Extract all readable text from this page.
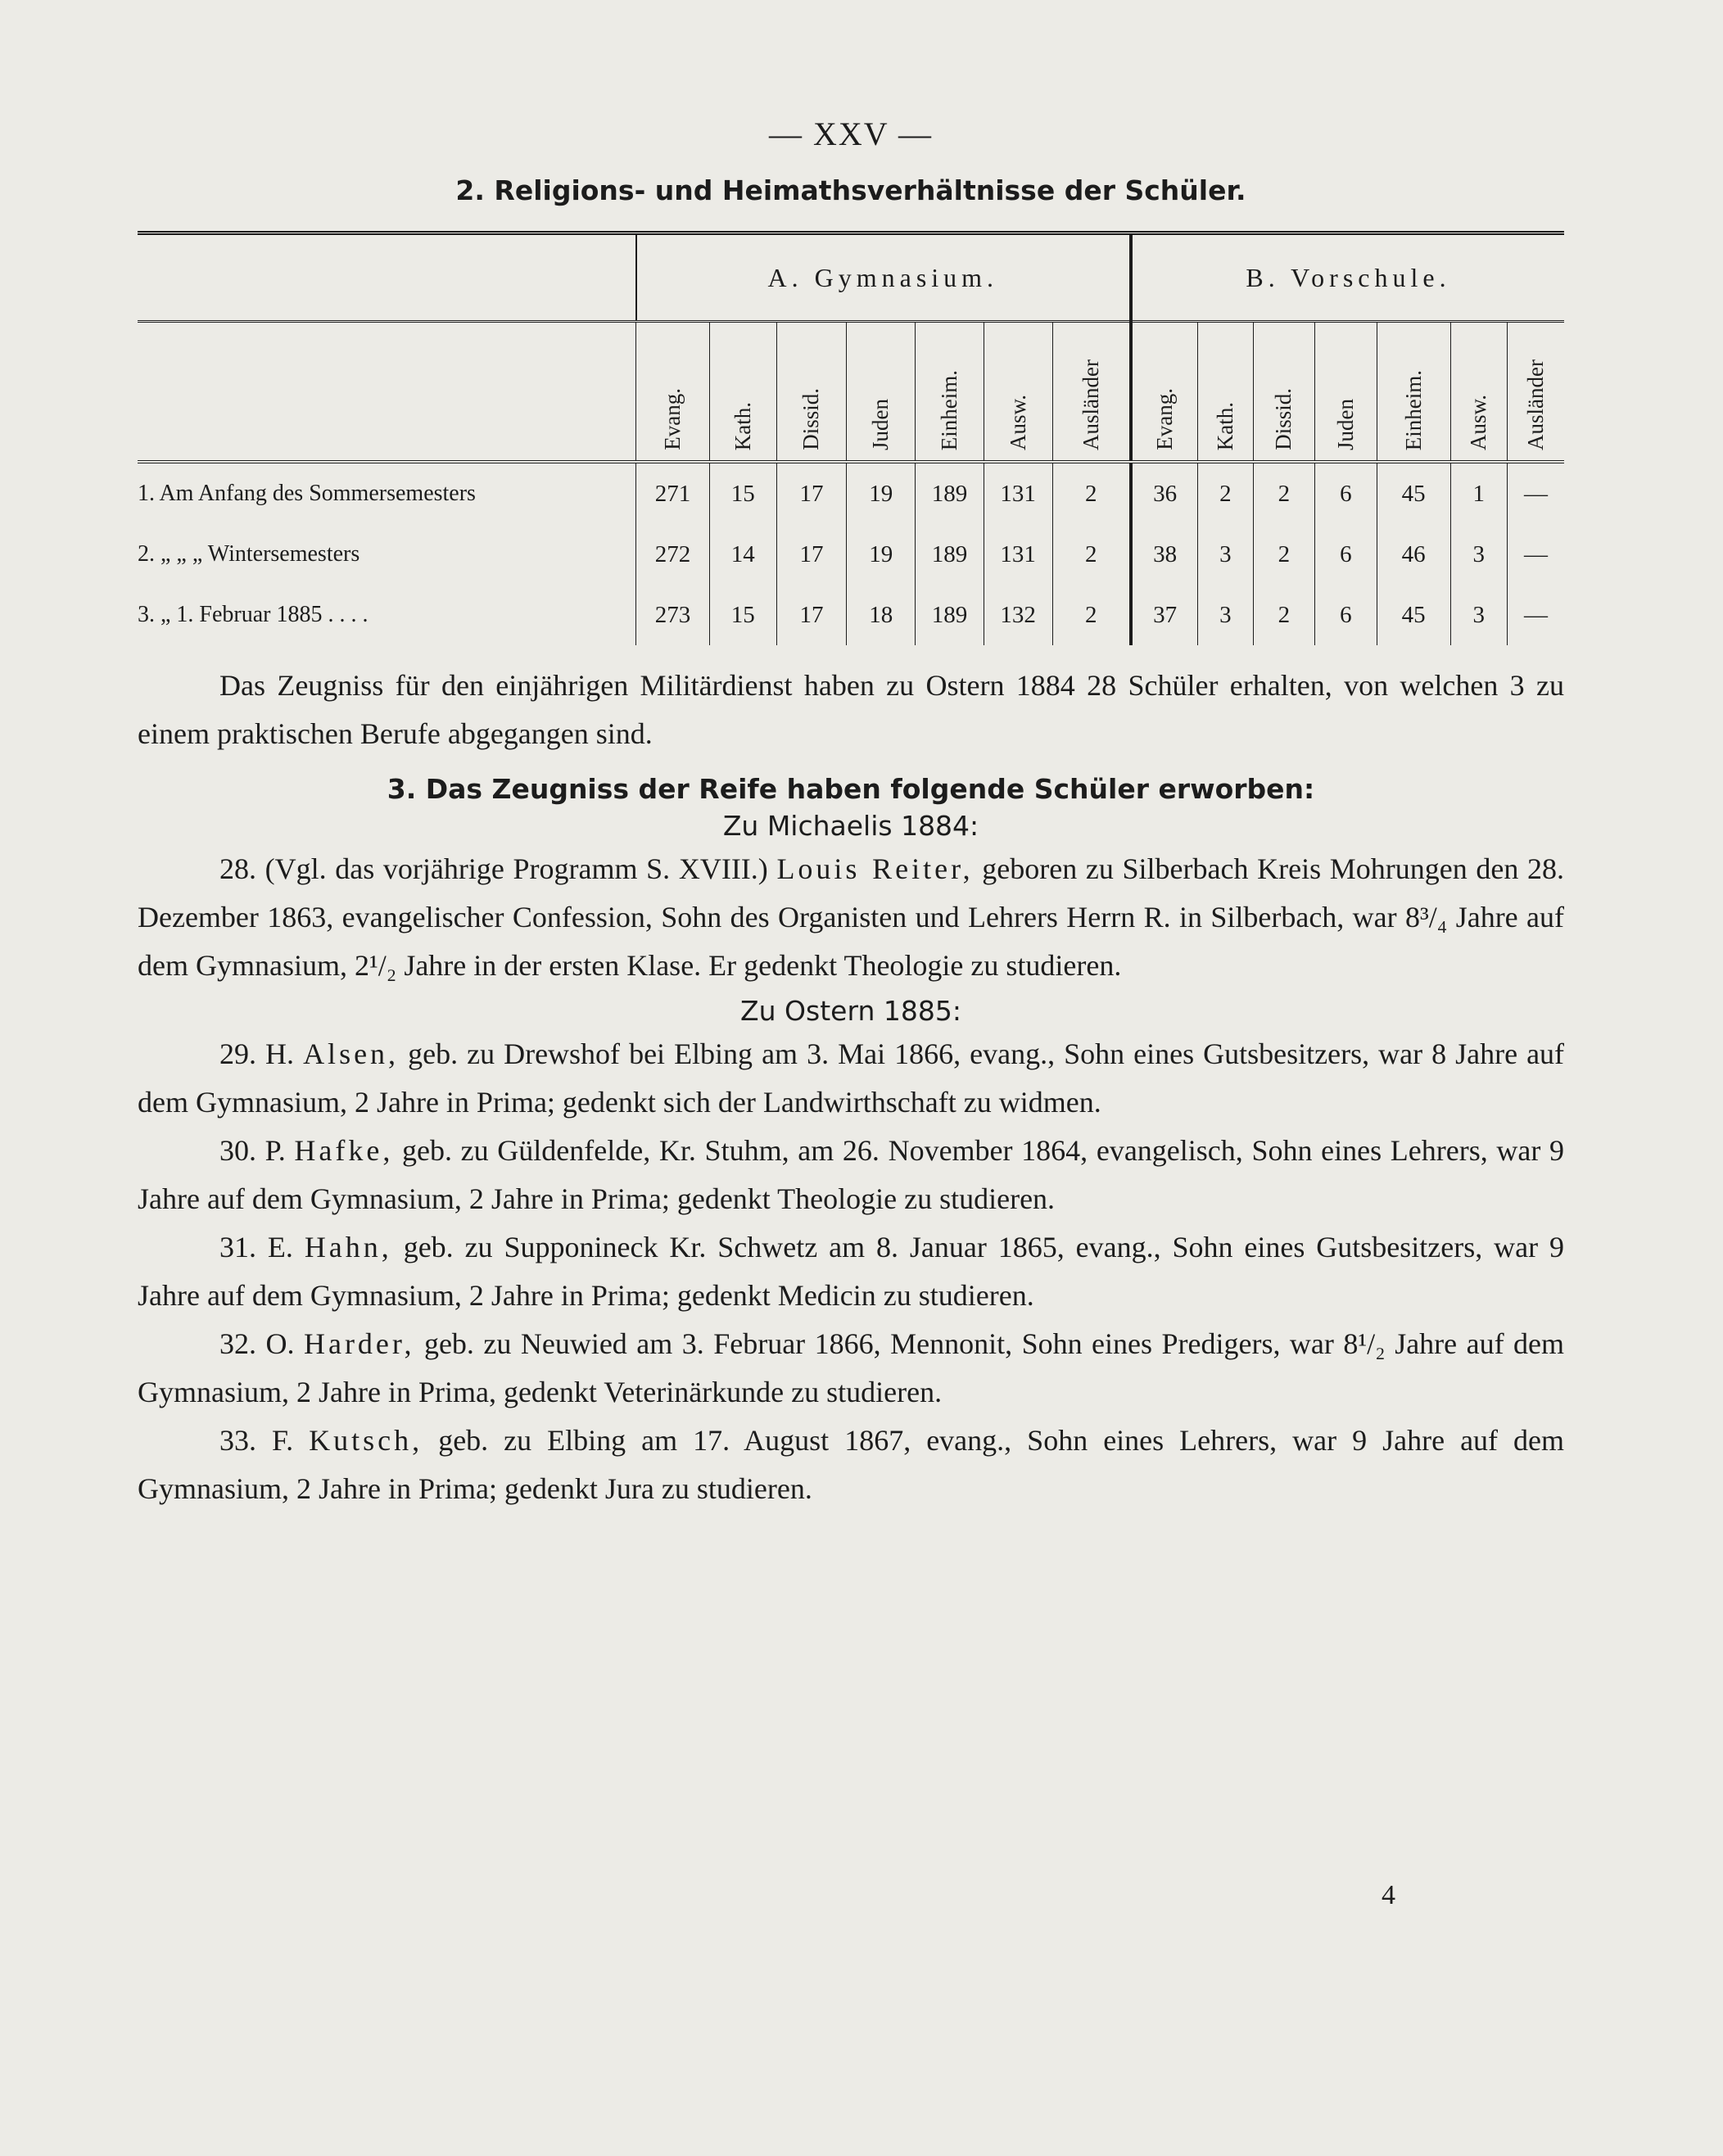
— XXV —
2. Religions- und Heimathsverhältnisse der Schüler.
	A. Gymnasium.							B. Vorschule.						

	Evang.	Kath.	Dissid.	Juden	Einheim.	Ausw.	Ausländer	Evang.	Kath.	Dissid.	Juden	Einheim.	Ausw.	Ausländer

1. Am Anfang des Sommersemesters	271	15	17	19	189	131	2	36	2	2	6	45	1	—
2. „ „ „ Wintersemesters	272	14	17	19	189	131	2	38	3	2	6	46	3	—
3. „ 1. Februar 1885 . . . .	273	15	17	18	189	132	2	37	3	2	6	45	3	—

Das Zeugniss für den einjährigen Militärdienst haben zu Ostern 1884 28 Schüler erhalten, von welchen 3 zu einem praktischen Berufe abgegangen sind.

3. Das Zeugniss der Reife haben folgende Schüler erworben:
Zu Michaelis 1884:

28. (Vgl. das vorjährige Programm S. XVIII.) Louis Reiter, geboren zu Silberbach Kreis Mohrungen den 28. Dezember 1863, evangelischer Confession, Sohn des Organisten und Lehrers Herrn R. in Silberbach, war 8³/₄ Jahre auf dem Gymnasium, 2¹/₂ Jahre in der ersten Klase. Er gedenkt Theologie zu studieren.

Zu Ostern 1885:

29. H. Alsen, geb. zu Drewshof bei Elbing am 3. Mai 1866, evang., Sohn eines Gutsbesitzers, war 8 Jahre auf dem Gymnasium, 2 Jahre in Prima; gedenkt sich der Landwirthschaft zu widmen.

30. P. Hafke, geb. zu Güldenfelde, Kr. Stuhm, am 26. November 1864, evangelisch, Sohn eines Lehrers, war 9 Jahre auf dem Gymnasium, 2 Jahre in Prima; gedenkt Theologie zu studieren.

31. E. Hahn, geb. zu Supponineck Kr. Schwetz am 8. Januar 1865, evang., Sohn eines Gutsbesitzers, war 9 Jahre auf dem Gymnasium, 2 Jahre in Prima; gedenkt Medicin zu studieren.

32. O. Harder, geb. zu Neuwied am 3. Februar 1866, Mennonit, Sohn eines Predigers, war 8¹/₂ Jahre auf dem Gymnasium, 2 Jahre in Prima, gedenkt Veterinärkunde zu studieren.

33. F. Kutsch, geb. zu Elbing am 17. August 1867, evang., Sohn eines Lehrers, war 9 Jahre auf dem Gymnasium, 2 Jahre in Prima; gedenkt Jura zu studieren.

4
